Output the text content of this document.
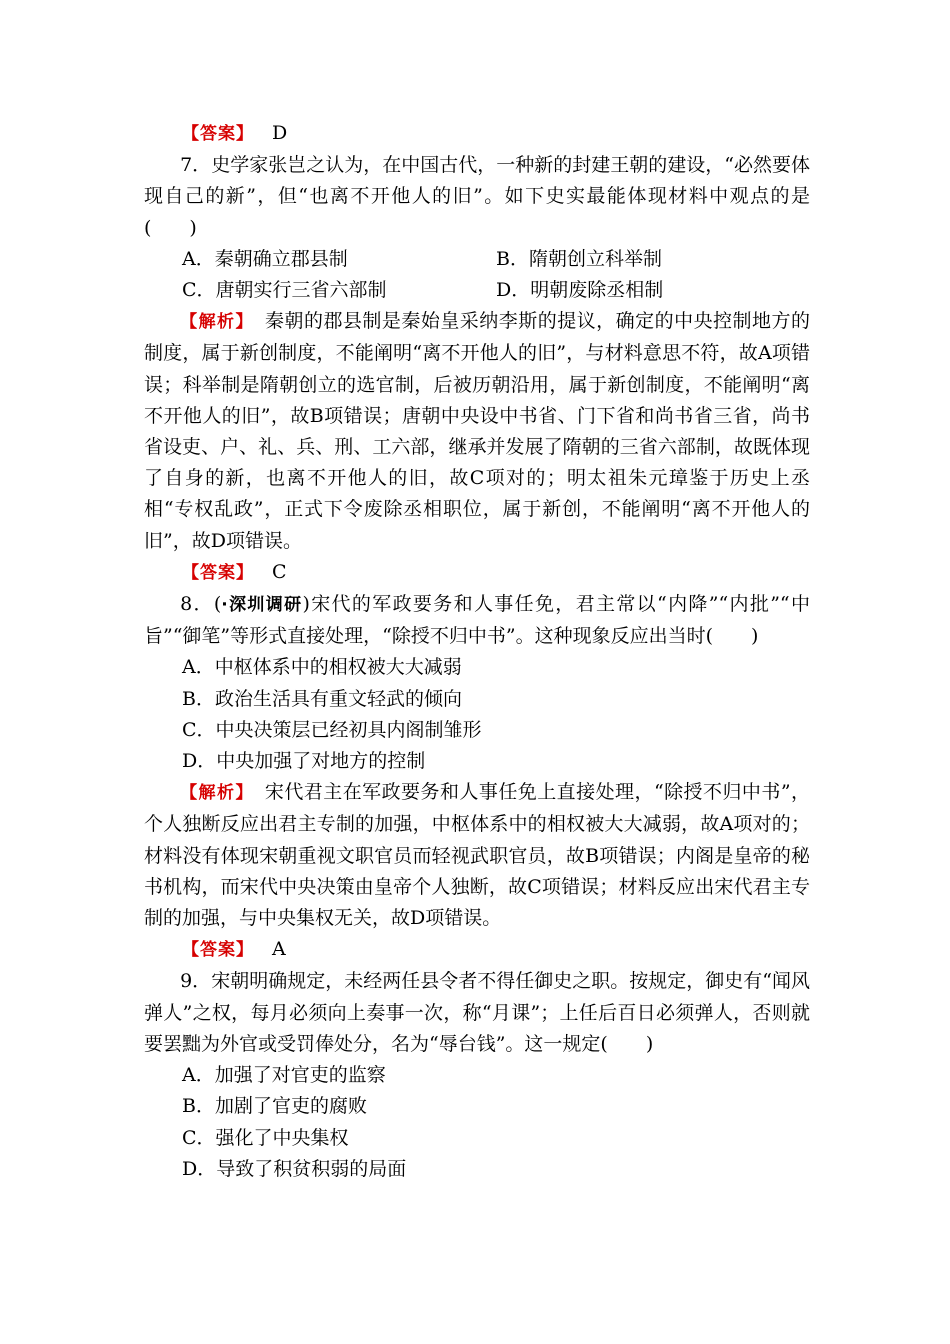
【答案】 D

7．史学家张岂之认为，在中国古代，一种新的封建王朝的建设，“必然要体现自己的新”，但“也离不开他人的旧”。如下史实最能体现材料中观点的是(　　)

A．秦朝确立郡县制	B．隋朝创立科举制
C．唐朝实行三省六部制	D．明朝废除丞相制

【解析】　 秦朝的郡县制是秦始皇采纳李斯的提议，确定的中央控制地方的制度，属于新创制度，不能阐明“离不开他人的旧”，与材料意思不符，故A项错误；科举制是隋朝创立的选官制，后被历朝沿用，属于新创制度，不能阐明“离不开他人的旧”，故B项错误；唐朝中央设中书省、门下省和尚书省三省，尚书省设吏、户、礼、兵、刑、工六部，继承并发展了隋朝的三省六部制，故既体现了自身的新，也离不开他人的旧，故C项对的；明太祖朱元璋鉴于历史上丞相“专权乱政”，正式下令废除丞相职位，属于新创，不能阐明“离不开他人的旧”，故D项错误。

【答案】 C

8．(·深圳调研)宋代的军政要务和人事任免，君主常以“内降”“内批”“中旨”“御笔”等形式直接处理，“除授不归中书”。这种现象反应出当时(　　)

A．中枢体系中的相权被大大减弱

B．政治生活具有重文轻武的倾向

C．中央决策层已经初具内阁制雏形

D．中央加强了对地方的控制

【解析】　 宋代君主在军政要务和人事任免上直接处理，“除授不归中书”，个人独断反应出君主专制的加强，中枢体系中的相权被大大减弱，故A项对的；材料没有体现宋朝重视文职官员而轻视武职官员，故B项错误；内阁是皇帝的秘书机构，而宋代中央决策由皇帝个人独断，故C项错误；材料反应出宋代君主专制的加强，与中央集权无关，故D项错误。

【答案】 A

9．宋朝明确规定，未经两任县令者不得任御史之职。按规定，御史有“闻风弹人”之权，每月必须向上奏事一次，称“月课”；上任后百日必须弹人，否则就要罢黜为外官或受罚俸处分，名为“辱台钱”。这一规定(　　)

A．加强了对官吏的监察

B．加剧了官吏的腐败

C．强化了中央集权

D．导致了积贫积弱的局面
